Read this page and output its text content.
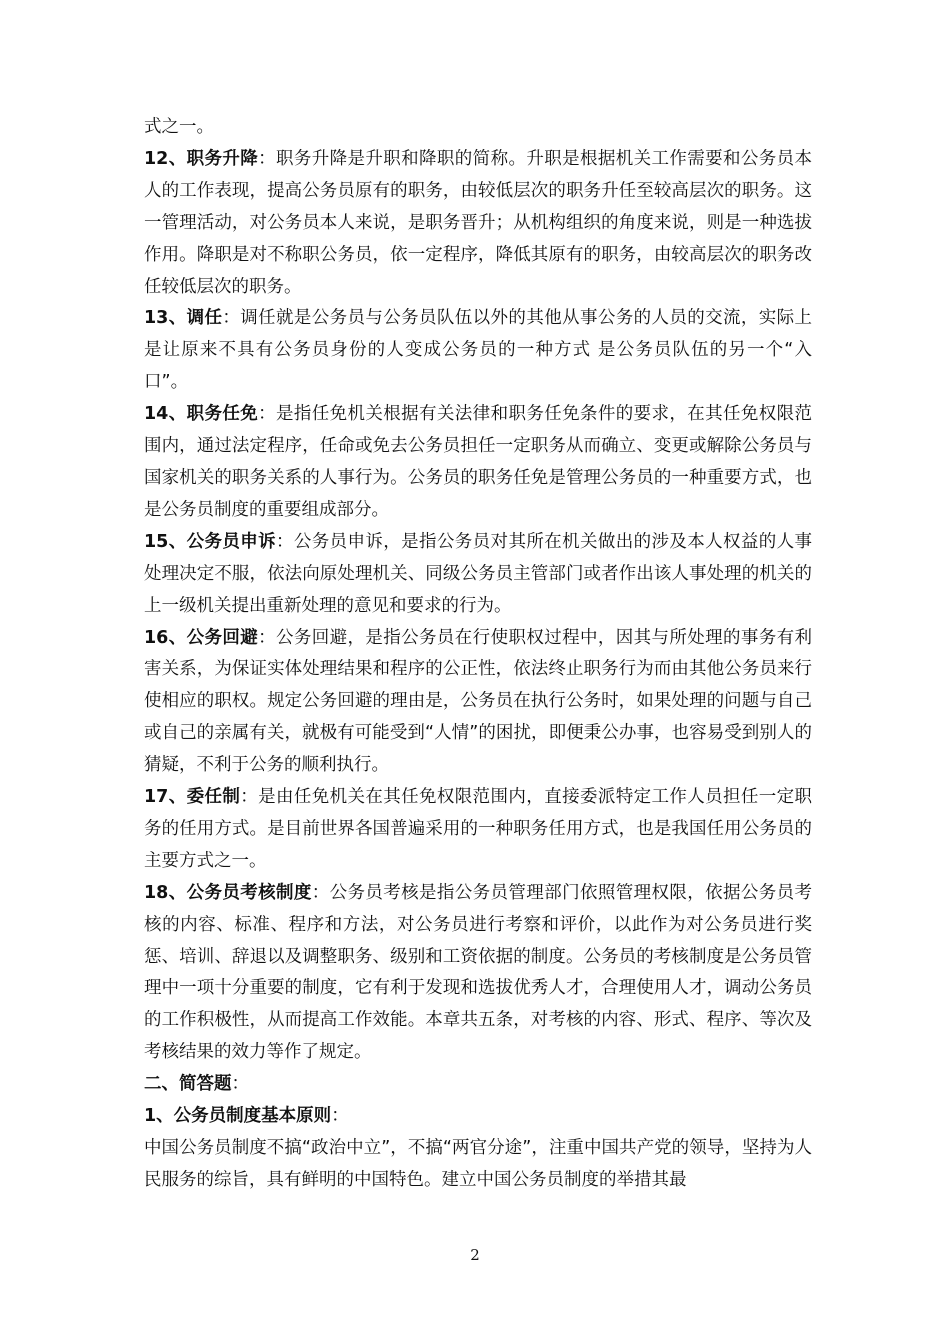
式之一。

12、职务升降：职务升降是升职和降职的简称。升职是根据机关工作需要和公务员本人的工作表现，提高公务员原有的职务，由较低层次的职务升任至较高层次的职务。这一管理活动，对公务员本人来说，是职务晋升；从机构组织的角度来说，则是一种选拔作用。降职是对不称职公务员，依一定程序，降低其原有的职务，由较高层次的职务改任较低层次的职务。

13、调任：调任就是公务员与公务员队伍以外的其他从事公务的人员的交流，实际上是让原来不具有公务员身份的人变成公务员的一种方式 是公务员队伍的另一个“入口”。

14、职务任免：是指任免机关根据有关法律和职务任免条件的要求，在其任免权限范围内，通过法定程序，任命或免去公务员担任一定职务从而确立、变更或解除公务员与国家机关的职务关系的人事行为。公务员的职务任免是管理公务员的一种重要方式，也是公务员制度的重要组成部分。

15、公务员申诉：公务员申诉，是指公务员对其所在机关做出的涉及本人权益的人事处理决定不服，依法向原处理机关、同级公务员主管部门或者作出该人事处理的机关的上一级机关提出重新处理的意见和要求的行为。

16、公务回避：公务回避，是指公务员在行使职权过程中，因其与所处理的事务有利害关系，为保证实体处理结果和程序的公正性，依法终止职务行为而由其他公务员来行使相应的职权。规定公务回避的理由是，公务员在执行公务时，如果处理的问题与自己或自己的亲属有关，就极有可能受到“人情”的困扰，即便秉公办事，也容易受到别人的猜疑，不利于公务的顺利执行。

17、委任制：是由任免机关在其任免权限范围内，直接委派特定工作人员担任一定职务的任用方式。是目前世界各国普遍采用的一种职务任用方式，也是我国任用公务员的主要方式之一。

18、公务员考核制度：公务员考核是指公务员管理部门依照管理权限，依据公务员考核的内容、标准、程序和方法，对公务员进行考察和评价，以此作为对公务员进行奖惩、培训、辞退以及调整职务、级别和工资依据的制度。公务员的考核制度是公务员管理中一项十分重要的制度，它有利于发现和选拔优秀人才，合理使用人才，调动公务员的工作积极性，从而提高工作效能。本章共五条，对考核的内容、形式、程序、等次及考核结果的效力等作了规定。

二、简答题：

1、公务员制度基本原则：

中国公务员制度不搞“政治中立”，不搞“两官分途”，注重中国共产党的领导，坚持为人民服务的综旨，具有鲜明的中国特色。建立中国公务员制度的举措其最

2
